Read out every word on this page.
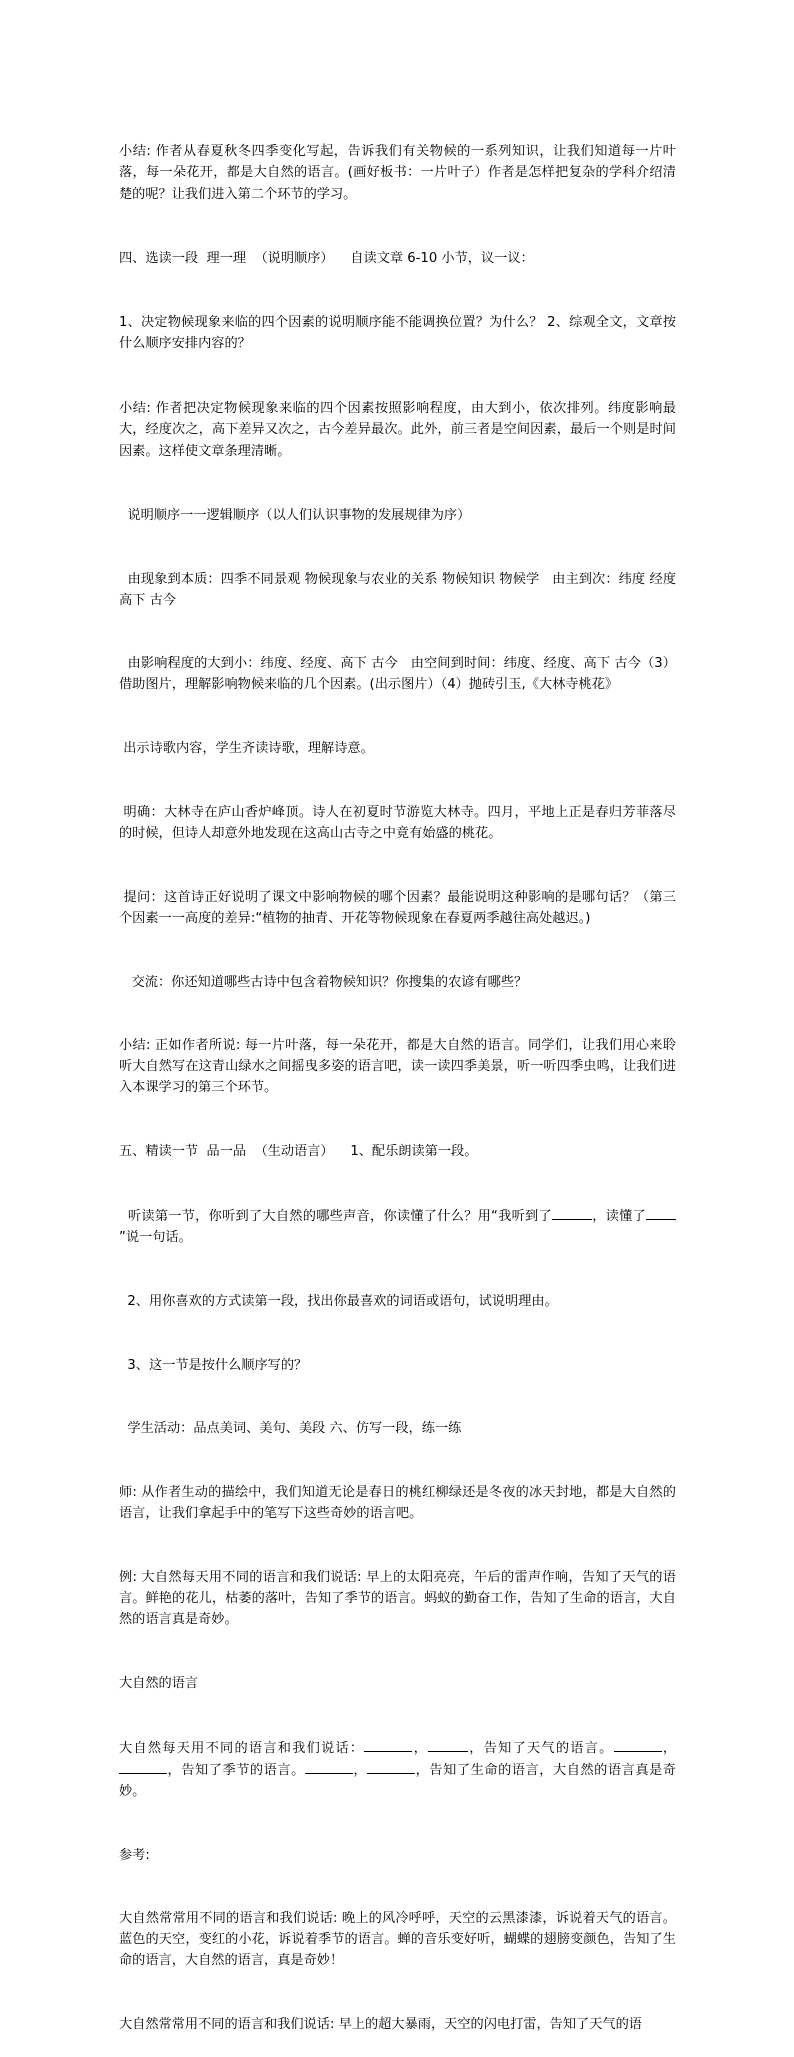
小结: 作者从春夏秋冬四季变化写起，告诉我们有关物候的一系列知识，让我们知道每一片叶落，每一朵花开，都是大自然的语言。(画好板书：一片叶子）作者是怎样把复杂的学科介绍清楚的呢？让我们进入第二个环节的学习。

四、选读一段  理一理  （说明顺序）    自读文章 6-10 小节，议一议：

1、决定物候现象来临的四个因素的说明顺序能不能调换位置？为什么？ 2、综观全文，文章按什么顺序安排内容的？

小结: 作者把决定物候现象来临的四个因素按照影响程度，由大到小，依次排列。纬度影响最大，经度次之，高下差异又次之，古今差异最次。此外，前三者是空间因素，最后一个则是时间因素。这样使文章条理清晰。

说明顺序一一逻辑顺序（以人们认识事物的发展规律为序）

由现象到本质：四季不同景观 物候现象与农业的关系 物候知识 物候学   由主到次：纬度 经度 高下 古今

由影响程度的大到小：纬度、经度、高下 古今   由空间到时间：纬度、经度、高下 古今（3）借助图片，理解影响物候来临的几个因素。(出示图片）（4）抛砖引玉,《大林寺桃花》

出示诗歌内容，学生齐读诗歌，理解诗意。

明确：大林寺在庐山香炉峰顶。诗人在初夏时节游览大林寺。四月，平地上正是春归芳菲落尽的时候，但诗人却意外地发现在这高山古寺之中竟有始盛的桃花。

提问：这首诗正好说明了课文中影响物候的哪个因素？最能说明这种影响的是哪句话？（第三个因素一一高度的差异:“植物的抽青、开花等物候现象在春夏两季越往高处越迟。)

交流：你还知道哪些古诗中包含着物候知识？你搜集的农谚有哪些？

小结: 正如作者所说: 每一片叶落，每一朵花开，都是大自然的语言。同学们，让我们用心来聆听大自然写在这青山绿水之间摇曳多姿的语言吧，读一读四季美景，听一听四季虫鸣，让我们进入本课学习的第三个环节。

五、精读一节  品一品  （生动语言）    1、配乐朗读第一段。

听读第一节，你听到了大自然的哪些声音，你读懂了什么？用“我听到了	，读懂了”说一句话。

2、用你喜欢的方式读第一段，找出你最喜欢的词语或语句，试说明理由。

3、这一节是按什么顺序写的？

学生活动：品点美词、美句、美段 六、仿写一段，练一练

师: 从作者生动的描绘中，我们知道无论是春日的桃红柳绿还是冬夜的冰天封地，都是大自然的语言，让我们拿起手中的笔写下这些奇妙的语言吧。

例: 大自然每天用不同的语言和我们说话: 早上的太阳亮亮，午后的雷声作响，告知了天气的语言。鲜艳的花儿，枯萎的落叶，告知了季节的语言。蚂蚁的勤奋工作，告知了生命的语言，大自然的语言真是奇妙。

大自然的语言

大自然每天用不同的语言和我们说话：	，	，告知了天气的语言。	，，告知了季节的语言。	，	，告知了生命的语言，大自然的语言真是奇妙。

参考:

大自然常常用不同的语言和我们说话: 晚上的风冷呼呼，天空的云黑漆漆，诉说着天气的语言。蓝色的天空，变红的小花，诉说着季节的语言。蝉的音乐变好听，蝴蝶的翅膀变颜色，告知了生命的语言，大自然的语言，真是奇妙！

大自然常常用不同的语言和我们说话: 早上的超大暴雨，天空的闪电打雷，告知了天气的语
